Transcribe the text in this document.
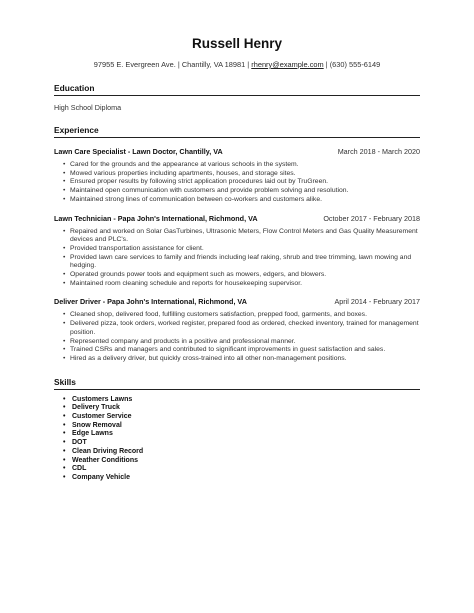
Russell Henry
97955 E. Evergreen Ave. | Chantilly, VA 18981 | rhenry@example.com | (630) 555-6149
Education
High School Diploma
Experience
Lawn Care Specialist - Lawn Doctor, Chantilly, VA	March 2018 - March 2020
• Cared for the grounds and the appearance at various schools in the system.
• Mowed various properties including apartments, houses, and storage sites.
• Ensured proper results by following strict application procedures laid out by TruGreen.
• Maintained open communication with customers and provide problem solving and resolution.
• Maintained strong lines of communication between co-workers and customers alike.
Lawn Technician - Papa John's International, Richmond, VA	October 2017 - February 2018
• Repaired and worked on Solar GasTurbines, Ultrasonic Meters, Flow Control Meters and Gas Quality Measurement devices and PLC's.
• Provided transportation assistance for client.
• Provided lawn care services to family and friends including leaf raking, shrub and tree trimming, lawn mowing and hedging.
• Operated grounds power tools and equipment such as mowers, edgers, and blowers.
• Maintained room cleaning schedule and reports for housekeeping supervisor.
Deliver Driver - Papa John's International, Richmond, VA	April 2014 - February 2017
• Cleaned shop, delivered food, fulfilling customers satisfaction, prepped food, garments, and boxes.
• Delivered pizza, took orders, worked register, prepared food as ordered, checked inventory, trained for management position.
• Represented company and products in a positive and professional manner.
• Trained CSRs and managers and contributed to significant improvements in guest satisfaction and sales.
• Hired as a delivery driver, but quickly cross-trained into all other non-management positions.
Skills
• Customers Lawns
• Delivery Truck
• Customer Service
• Snow Removal
• Edge Lawns
• DOT
• Clean Driving Record
• Weather Conditions
• CDL
• Company Vehicle
